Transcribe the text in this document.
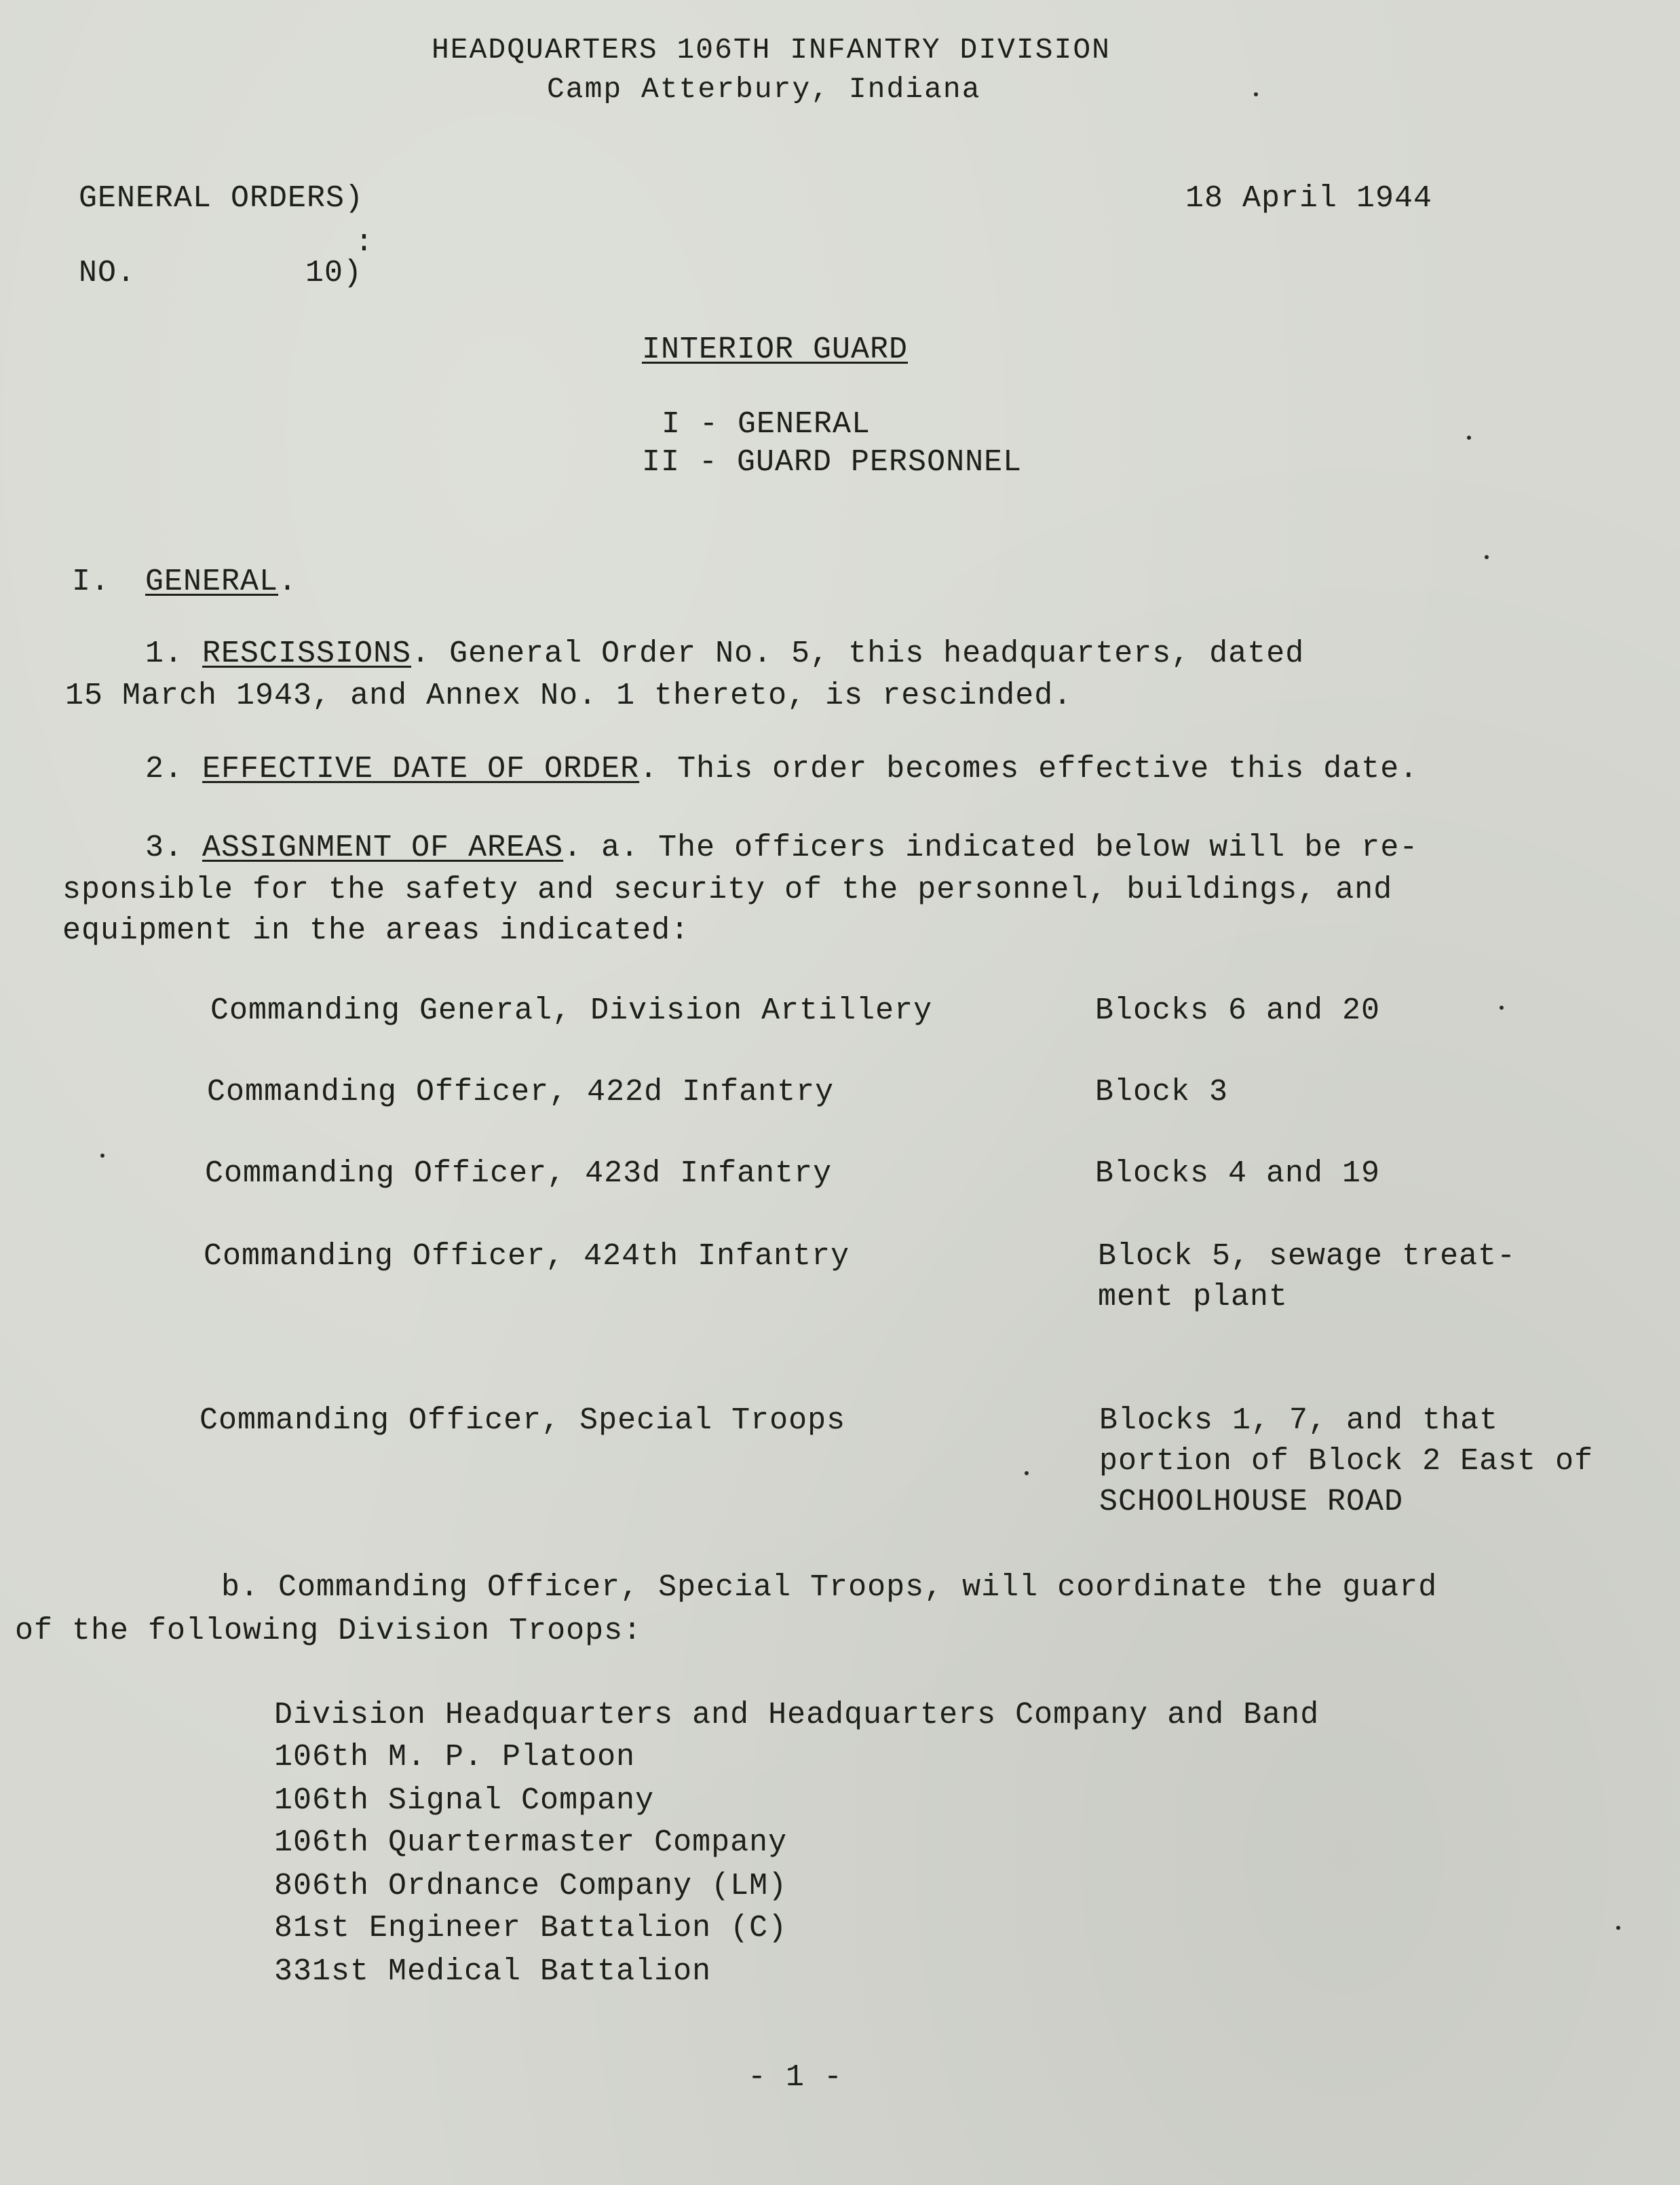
HEADQUARTERS 106TH INFANTRY DIVISION
Camp Atterbury, Indiana
GENERAL ORDERS)	18 April 1944
:
NO.	10)
INTERIOR GUARD
I - GENERAL
II - GUARD PERSONNEL
I. GENERAL.
1. RESCISSIONS. General Order No. 5, this headquarters, dated
15 March 1943, and Annex No. 1 thereto, is rescinded.
2. EFFECTIVE DATE OF ORDER. This order becomes effective this date.
3. ASSIGNMENT OF AREAS. a. The officers indicated below will be re-
sponsible for the safety and security of the personnel, buildings, and
equipment in the areas indicated:
Commanding General, Division Artillery	Blocks 6 and 20
Commanding Officer, 422d Infantry	Block 3
Commanding Officer, 423d Infantry	Blocks 4 and 19
Commanding Officer, 424th Infantry	Block 5, sewage treat-
ment plant
Commanding Officer, Special Troops	Blocks 1, 7, and that
portion of Block 2 East of
SCHOOLHOUSE ROAD
b. Commanding Officer, Special Troops, will coordinate the guard
of the following Division Troops:
Division Headquarters and Headquarters Company and Band
106th M. P. Platoon
106th Signal Company
106th Quartermaster Company
806th Ordnance Company (LM)
81st Engineer Battalion (C)
331st Medical Battalion
- 1 -
